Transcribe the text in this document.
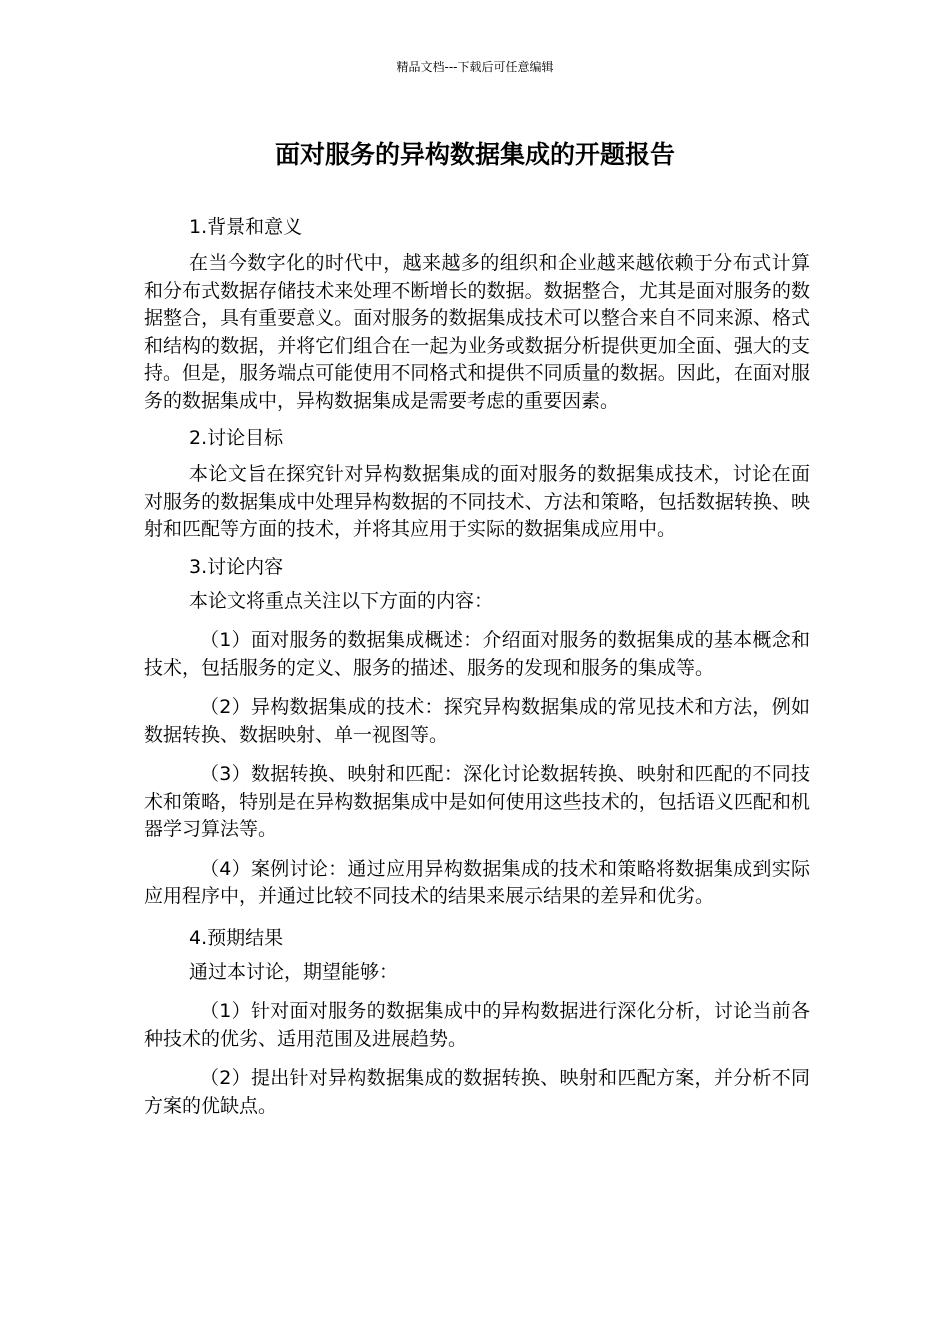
精品文档---下载后可任意编辑
面对服务的异构数据集成的开题报告

1.背景和意义

在当今数字化的时代中，越来越多的组织和企业越来越依赖于分布式计算和分布式数据存储技术来处理不断增长的数据。数据整合，尤其是面对服务的数据整合，具有重要意义。面对服务的数据集成技术可以整合来自不同来源、格式和结构的数据，并将它们组合在一起为业务或数据分析提供更加全面、强大的支持。但是，服务端点可能使用不同格式和提供不同质量的数据。因此，在面对服务的数据集成中，异构数据集成是需要考虑的重要因素。

2.讨论目标

本论文旨在探究针对异构数据集成的面对服务的数据集成技术，讨论在面对服务的数据集成中处理异构数据的不同技术、方法和策略，包括数据转换、映射和匹配等方面的技术，并将其应用于实际的数据集成应用中。

3.讨论内容

本论文将重点关注以下方面的内容：

（1）面对服务的数据集成概述：介绍面对服务的数据集成的基本概念和技术，包括服务的定义、服务的描述、服务的发现和服务的集成等。

（2）异构数据集成的技术：探究异构数据集成的常见技术和方法，例如数据转换、数据映射、单一视图等。

（3）数据转换、映射和匹配：深化讨论数据转换、映射和匹配的不同技术和策略，特别是在异构数据集成中是如何使用这些技术的，包括语义匹配和机器学习算法等。

（4）案例讨论：通过应用异构数据集成的技术和策略将数据集成到实际应用程序中，并通过比较不同技术的结果来展示结果的差异和优劣。

4.预期结果

通过本讨论，期望能够：

（1）针对面对服务的数据集成中的异构数据进行深化分析，讨论当前各种技术的优劣、适用范围及进展趋势。

（2）提出针对异构数据集成的数据转换、映射和匹配方案，并分析不同方案的优缺点。
